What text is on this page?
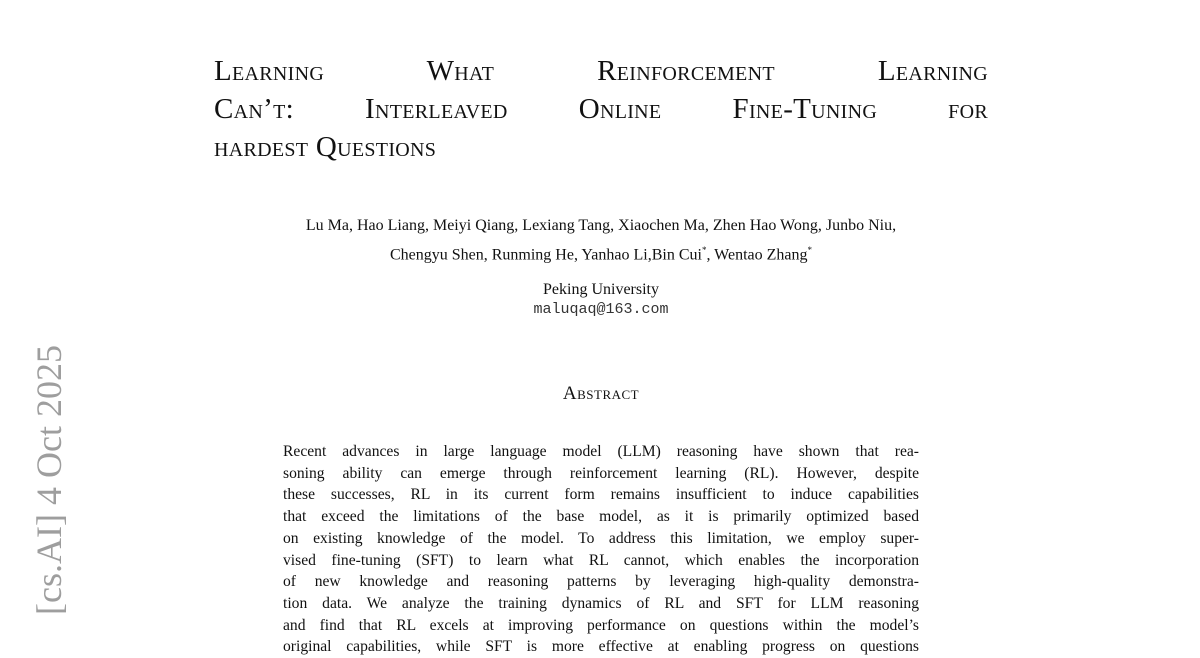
[cs.AI] 4 Oct 2025
Learning What Reinforcement Learning
Can’t: Interleaved Online Fine-Tuning for
hardest Questions
Lu Ma, Hao Liang, Meiyi Qiang, Lexiang Tang, Xiaochen Ma, Zhen Hao Wong, Junbo Niu,
Chengyu Shen, Runming He, Yanhao Li,Bin Cui*, Wentao Zhang*
Peking University
maluqaq@163.com
Abstract
Recent advances in large language model (LLM) reasoning have shown that rea-
soning ability can emerge through reinforcement learning (RL). However, despite
these successes, RL in its current form remains insufficient to induce capabilities
that exceed the limitations of the base model, as it is primarily optimized based
on existing knowledge of the model. To address this limitation, we employ super-
vised fine-tuning (SFT) to learn what RL cannot, which enables the incorporation
of new knowledge and reasoning patterns by leveraging high-quality demonstra-
tion data. We analyze the training dynamics of RL and SFT for LLM reasoning
and find that RL excels at improving performance on questions within the model’s
original capabilities, while SFT is more effective at enabling progress on questions
